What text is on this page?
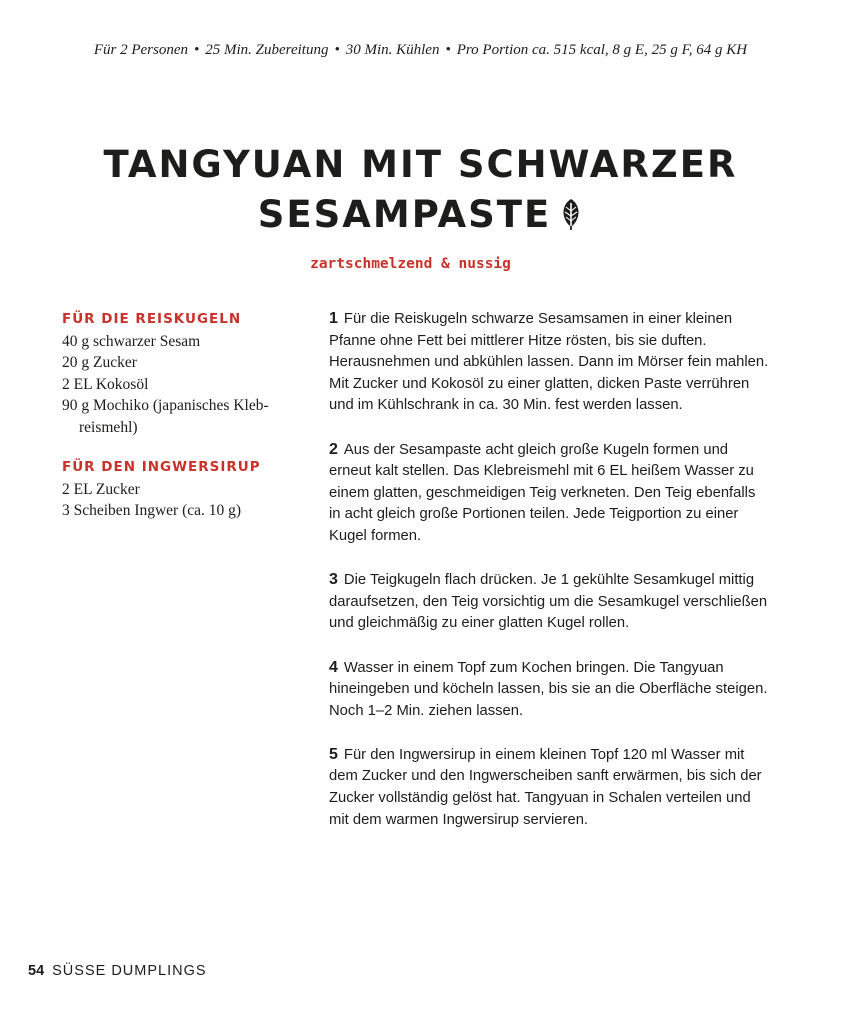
Für 2 Personen • 25 Min. Zubereitung • 30 Min. Kühlen • Pro Portion ca. 515 kcal, 8 g E, 25 g F, 64 g KH
TANGYUAN MIT SCHWARZER
SESAMPASTE
zartschmelzend & nussig
FÜR DIE REISKUGELN
40 g schwarzer Sesam
20 g Zucker
2 EL Kokosöl
90 g Mochiko (japanisches Klebreismehl)
FÜR DEN INGWERSIRUP
2 EL Zucker
3 Scheiben Ingwer (ca. 10 g)

1 Für die Reiskugeln schwarze Sesamsamen in einer kleinen Pfanne ohne Fett bei mittlerer Hitze rösten, bis sie duften. Herausnehmen und abkühlen lassen. Dann im Mörser fein mahlen. Mit Zucker und Kokosöl zu einer glatten, dicken Paste verrühren und im Kühlschrank in ca. 30 Min. fest werden lassen.

2 Aus der Sesampaste acht gleich große Kugeln formen und erneut kalt stellen. Das Klebreismehl mit 6 EL heißem Wasser zu einem glatten, geschmeidigen Teig verkneten. Den Teig ebenfalls in acht gleich große Portionen teilen. Jede Teigportion zu einer Kugel formen.

3 Die Teigkugeln flach drücken. Je 1 gekühlte Sesamkugel mittig daraufsetzen, den Teig vorsichtig um die Sesamkugel verschließen und gleichmäßig zu einer glatten Kugel rollen.

4 Wasser in einem Topf zum Kochen bringen. Die Tangyuan hineingeben und köcheln lassen, bis sie an die Oberfläche steigen. Noch 1–2 Min. ziehen lassen.

5 Für den Ingwersirup in einem kleinen Topf 120 ml Wasser mit dem Zucker und den Ingwerscheiben sanft erwärmen, bis sich der Zucker vollständig gelöst hat. Tangyuan in Schalen verteilen und mit dem warmen Ingwersirup servieren.

54 SÜSSE DUMPLINGS
